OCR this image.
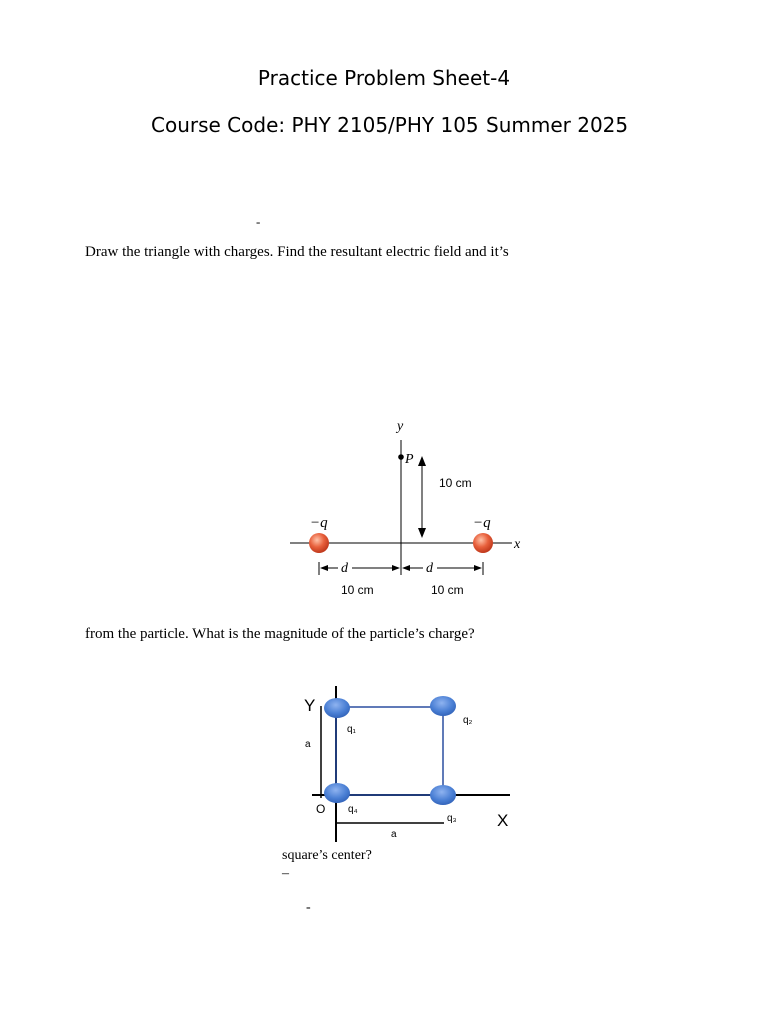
Practice Problem Sheet-4
Course Code: PHY 2105/PHY 105 Summer 2025
-
Draw the triangle with charges. Find the resultant electric field and it’s
y
x
P
10 cm
−q	−q
d	d
10 cm	10 cm
from the particle. What is the magnitude of the particle’s charge?
Y
X
O
a
a
q₁
q₂
q₃
q₄
square’s center?
–
-
